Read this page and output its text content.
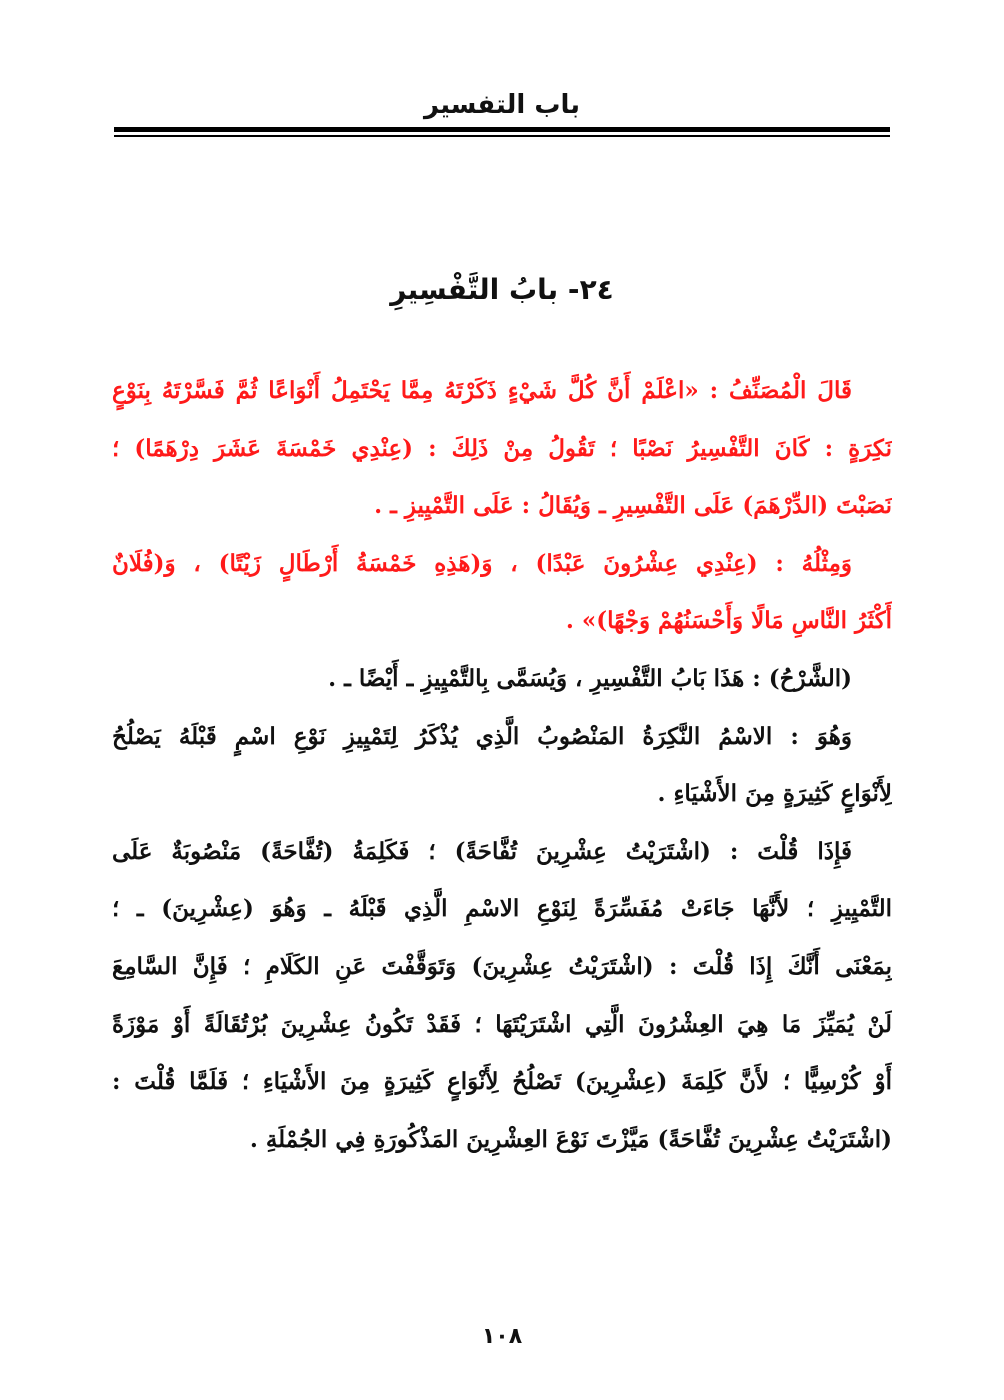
باب التفسير
٢٤- بابُ التَّفْسِيرِ
قَالَ الْمُصَنِّفُ : «اعْلَمْ أَنَّ كُلَّ شَيْءٍ ذَكَرْتَهُ مِمَّا يَحْتَمِلُ أَنْوَاعًا ثُمَّ فَسَّرْتَهُ بِنَوْعٍ
نَكِرَةٍ : كَانَ التَّفْسِيرُ نَصْبًا ؛ تَقُولُ مِنْ ذَلِكَ : (عِنْدِي خَمْسَةَ عَشَرَ دِرْهَمًا) ؛
نَصَبْتَ (الدِّرْهَمَ) عَلَى التَّفْسِيرِ ـ وَيُقَالُ : عَلَى التَّمْيِيزِ ـ .
وَمِثْلُهُ : (عِنْدِي عِشْرُونَ عَبْدًا) ، وَ(هَذِهِ خَمْسَةُ أَرْطَالٍ زَيْتًا) ، وَ(فُلَانٌ
أَكْثَرُ النَّاسِ مَالًا وَأَحْسَنُهُمْ وَجْهًا)» .
(الشَّرْحُ) : هَذَا بَابُ التَّفْسِيرِ ، وَيُسَمَّى بِالتَّمْيِيزِ ـ أَيْضًا ـ .
وَهُوَ : الاسْمُ النَّكِرَةُ المَنْصُوبُ الَّذِي يُذْكَرُ لِتَمْيِيزِ نَوْعِ اسْمٍ قَبْلَهُ يَصْلُحُ
لِأَنْوَاعٍ كَثِيرَةٍ مِنَ الأَشْيَاءِ .
فَإِذَا قُلْتَ : (اشْتَرَيْتُ عِشْرِينَ تُفَّاحَةً) ؛ فَكَلِمَةُ (تُفَّاحَةً) مَنْصُوبَةٌ عَلَى
التَّمْيِيزِ ؛ لأَنَّهَا جَاءَتْ مُفَسِّرَةً لِنَوْعِ الاسْمِ الَّذِي قَبْلَهُ ـ وَهُوَ (عِشْرِينَ) ـ ؛
بِمَعْنَى أَنَّكَ إِذَا قُلْتَ : (اشْتَرَيْتُ عِشْرِينَ) وَتَوَقَّفْتَ عَنِ الكَلَامِ ؛ فَإِنَّ السَّامِعَ
لَنْ يُمَيِّزَ مَا هِيَ العِشْرُونَ الَّتِي اشْتَرَيْتَهَا ؛ فَقَدْ تَكُونُ عِشْرِينَ بُرْتُقَالَةً أَوْ مَوْزَةً
أَوْ كُرْسِيًّا ؛ لأَنَّ كَلِمَةَ (عِشْرِينَ) تَصْلُحُ لِأَنْوَاعٍ كَثِيرَةٍ مِنَ الأَشْيَاءِ ؛ فَلَمَّا قُلْتَ :
(اشْتَرَيْتُ عِشْرِينَ تُفَّاحَةً) مَيَّزْتَ نَوْعَ العِشْرِينَ المَذْكُورَةِ فِي الجُمْلَةِ .
١٠٨
